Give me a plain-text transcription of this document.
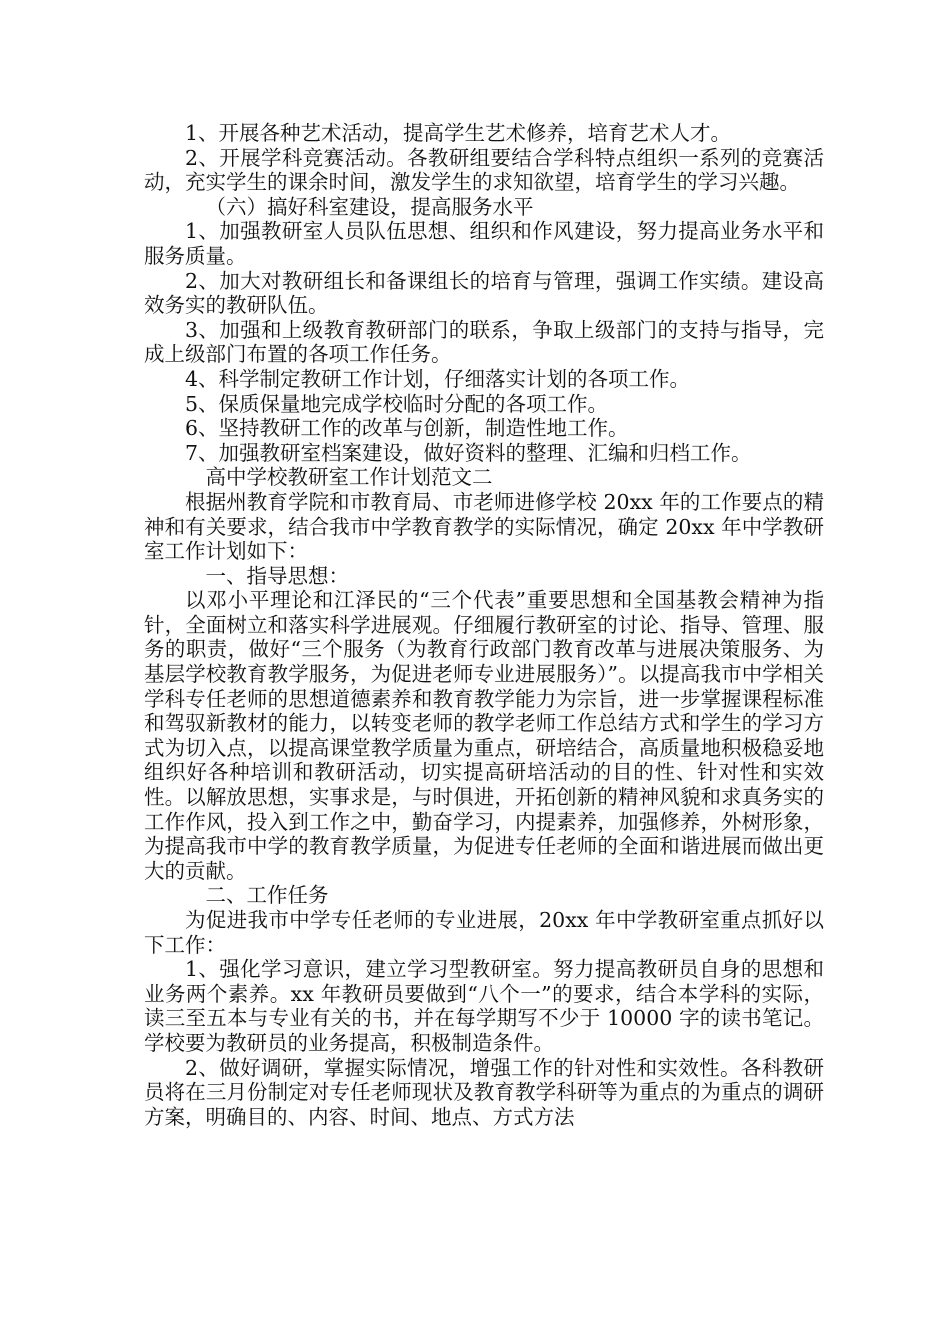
1、开展各种艺术活动，提高学生艺术修养，培育艺术人才。

2、开展学科竞赛活动。各教研组要结合学科特点组织一系列的竞赛活动，充实学生的课余时间，激发学生的求知欲望，培育学生的学习兴趣。

（六）搞好科室建设，提高服务水平

1、加强教研室人员队伍思想、组织和作风建设，努力提高业务水平和服务质量。

2、加大对教研组长和备课组长的培育与管理，强调工作实绩。建设高效务实的教研队伍。

3、加强和上级教育教研部门的联系，争取上级部门的支持与指导，完成上级部门布置的各项工作任务。

4、科学制定教研工作计划，仔细落实计划的各项工作。

5、保质保量地完成学校临时分配的各项工作。

6、坚持教研工作的改革与创新，制造性地工作。

7、加强教研室档案建设，做好资料的整理、汇编和归档工作。

高中学校教研室工作计划范文二

根据州教育学院和市教育局、市老师进修学校 20xx 年的工作要点的精神和有关要求，结合我市中学教育教学的实际情况，确定 20xx 年中学教研室工作计划如下：

一、指导思想：

以邓小平理论和江泽民的“三个代表”重要思想和全国基教会精神为指针，全面树立和落实科学进展观。仔细履行教研室的讨论、指导、管理、服务的职责，做好“三个服务（为教育行政部门教育改革与进展决策服务、为基层学校教育教学服务，为促进老师专业进展服务）”。以提高我市中学相关学科专任老师的思想道德素养和教育教学能力为宗旨，进一步掌握课程标准和驾驭新教材的能力，以转变老师的教学老师工作总结方式和学生的学习方式为切入点，以提高课堂教学质量为重点，研培结合，高质量地积极稳妥地组织好各种培训和教研活动，切实提高研培活动的目的性、针对性和实效性。以解放思想，实事求是，与时俱进，开拓创新的精神风貌和求真务实的工作作风，投入到工作之中，勤奋学习，内提素养，加强修养，外树形象，为提高我市中学的教育教学质量，为促进专任老师的全面和谐进展而做出更大的贡献。

二、工作任务

为促进我市中学专任老师的专业进展，20xx 年中学教研室重点抓好以下工作：

1、强化学习意识，建立学习型教研室。努力提高教研员自身的思想和业务两个素养。xx 年教研员要做到“八个一”的要求，结合本学科的实际，读三至五本与专业有关的书，并在每学期写不少于 10000 字的读书笔记。学校要为教研员的业务提高，积极制造条件。

2、做好调研，掌握实际情况，增强工作的针对性和实效性。各科教研员将在三月份制定对专任老师现状及教育教学科研等为重点的为重点的调研方案，明确目的、内容、时间、地点、方式方法
